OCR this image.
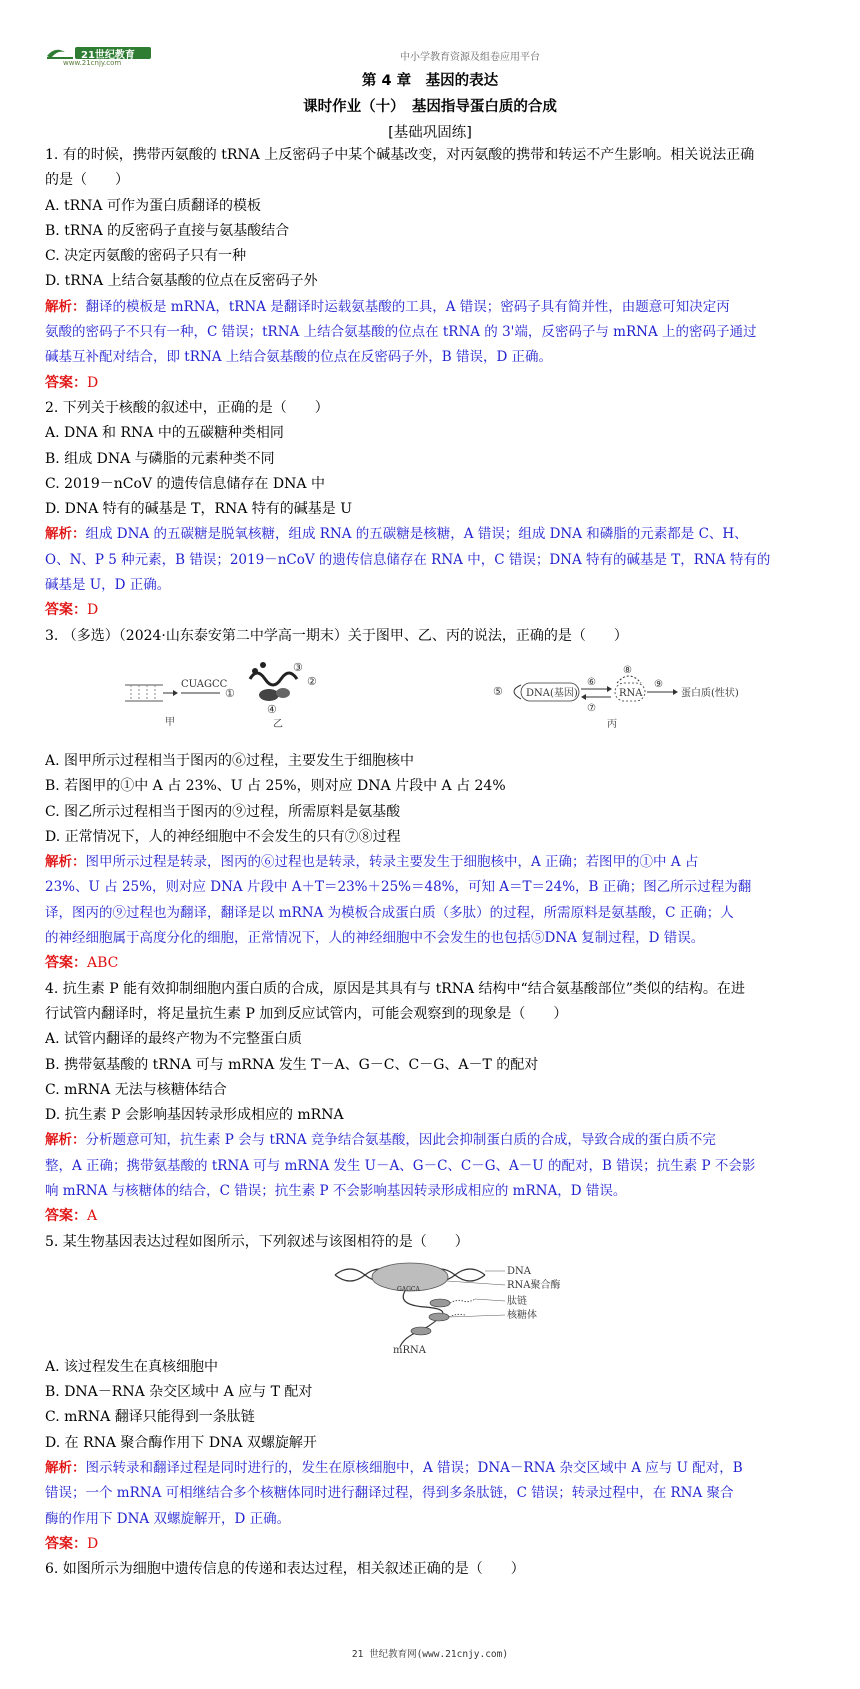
21世纪教育
www.21cnjy.com	中小学教育资源及组卷应用平台
第 4 章　基因的表达
课时作业（十）　基因指导蛋白质的合成
[基础巩固练]
1. 有的时候，携带丙氨酸的 tRNA 上反密码子中某个碱基改变，对丙氨酸的携带和转运不产生影响。相关说法正确
的是（　　）
A. tRNA 可作为蛋白质翻译的模板
B. tRNA 的反密码子直接与氨基酸结合
C. 决定丙氨酸的密码子只有一种
D. tRNA 上结合氨基酸的位点在反密码子外
解析：翻译的模板是 mRNA，tRNA 是翻译时运载氨基酸的工具，A 错误；密码子具有简并性，由题意可知决定丙
氨酸的密码子不只有一种，C 错误；tRNA 上结合氨基酸的位点在 tRNA 的 3'端，反密码子与 mRNA 上的密码子通过
碱基互补配对结合，即 tRNA 上结合氨基酸的位点在反密码子外，B 错误，D 正确。
答案：D
2. 下列关于核酸的叙述中，正确的是（　　）
A. DNA 和 RNA 中的五碳糖种类相同
B. 组成 DNA 与磷脂的元素种类不同
C. 2019－nCoV 的遗传信息储存在 DNA 中
D. DNA 特有的碱基是 T，RNA 特有的碱基是 U
解析：组成 DNA 的五碳糖是脱氧核糖，组成 RNA 的五碳糖是核糖，A 错误；组成 DNA 和磷脂的元素都是 C、H、
O、N、P 5 种元素，B 错误；2019－nCoV 的遗传信息储存在 RNA 中，C 错误；DNA 特有的碱基是 T，RNA 特有的
碱基是 U，D 正确。
答案：D
3. （多选）（2024·山东泰安第二中学高一期末）关于图甲、乙、丙的说法，正确的是（　　）
CUAGCC
①
甲
③
②
④
乙
⑤ DNA(基因)
⑥
⑦
⑧
RNA
⑨
蛋白质(性状)
丙
A. 图甲所示过程相当于图丙的⑥过程，主要发生于细胞核中
B. 若图甲的①中 A 占 23%、U 占 25%，则对应 DNA 片段中 A 占 24%
C. 图乙所示过程相当于图丙的⑨过程，所需原料是氨基酸
D. 正常情况下，人的神经细胞中不会发生的只有⑦⑧过程
解析：图甲所示过程是转录，图丙的⑥过程也是转录，转录主要发生于细胞核中，A 正确；若图甲的①中 A 占
23%、U 占 25%，则对应 DNA 片段中 A＋T＝23%＋25%＝48%，可知 A＝T＝24%，B 正确；图乙所示过程为翻
译，图丙的⑨过程也为翻译，翻译是以 mRNA 为模板合成蛋白质（多肽）的过程，所需原料是氨基酸，C 正确；人
的神经细胞属于高度分化的细胞，正常情况下，人的神经细胞中不会发生的也包括⑤DNA 复制过程，D 错误。
答案：ABC
4. 抗生素 P 能有效抑制细胞内蛋白质的合成，原因是其具有与 tRNA 结构中“结合氨基酸部位”类似的结构。在进
行试管内翻译时，将足量抗生素 P 加到反应试管内，可能会观察到的现象是（　　）
A. 试管内翻译的最终产物为不完整蛋白质
B. 携带氨基酸的 tRNA 可与 mRNA 发生 T－A、G－C、C－G、A－T 的配对
C. mRNA 无法与核糖体结合
D. 抗生素 P 会影响基因转录形成相应的 mRNA
解析：分析题意可知，抗生素 P 会与 tRNA 竞争结合氨基酸，因此会抑制蛋白质的合成，导致合成的蛋白质不完
整，A 正确；携带氨基酸的 tRNA 可与 mRNA 发生 U－A、G－C、C－G、A－U 的配对，B 错误；抗生素 P 不会影
响 mRNA 与核糖体的结合，C 错误；抗生素 P 不会影响基因转录形成相应的 mRNA，D 错误。
答案：A
5. 某生物基因表达过程如图所示，下列叙述与该图相符的是（　　）
GAGCA
DNA
RNA聚合酶
肽链
核糖体
mRNA
A. 该过程发生在真核细胞中
B. DNA－RNA 杂交区域中 A 应与 T 配对
C. mRNA 翻译只能得到一条肽链
D. 在 RNA 聚合酶作用下 DNA 双螺旋解开
解析：图示转录和翻译过程是同时进行的，发生在原核细胞中，A 错误；DNA－RNA 杂交区域中 A 应与 U 配对，B
错误；一个 mRNA 可相继结合多个核糖体同时进行翻译过程，得到多条肽链，C 错误；转录过程中，在 RNA 聚合
酶的作用下 DNA 双螺旋解开，D 正确。
答案：D
6. 如图所示为细胞中遗传信息的传递和表达过程，相关叙述正确的是（　　）
21 世纪教育网(www.21cnjy.com)
